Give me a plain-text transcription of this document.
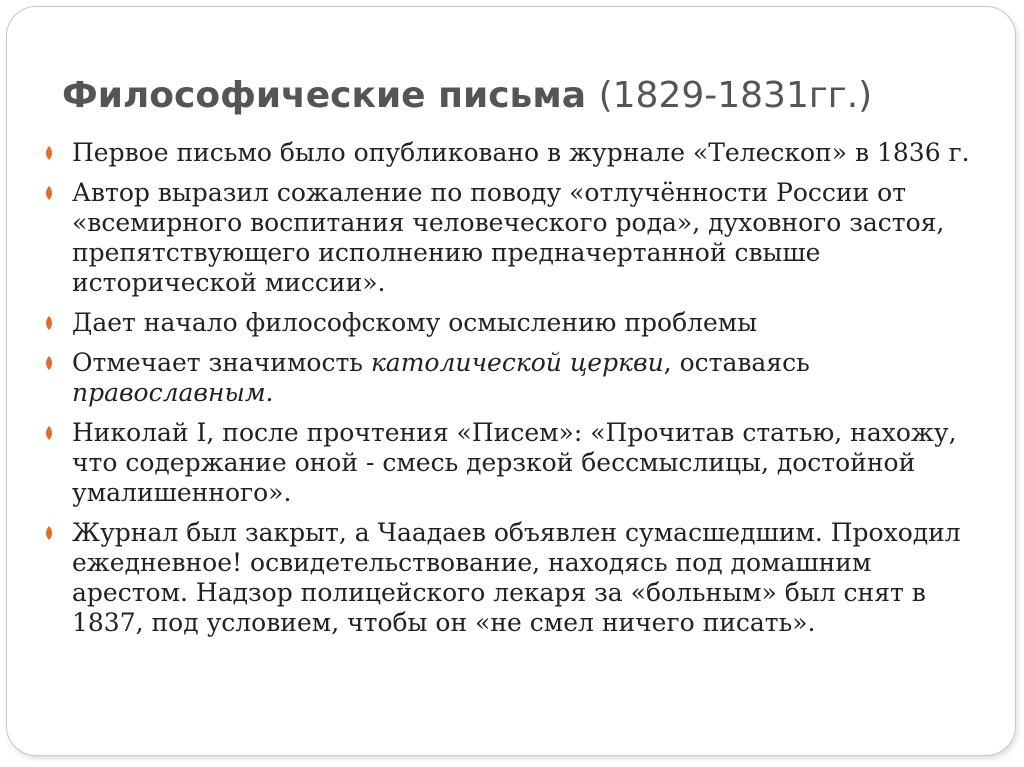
Философические письма (1829-1831гг.)
Первое письмо было опубликовано в журнале «Телескоп» в 1836 г.
Автор выразил сожаление по поводу «отлучённости России от «всемирного воспитания человеческого рода», духовного застоя, препятствующего исполнению предначертанной свыше исторической миссии».
Дает начало философскому осмыслению проблемы
Отмечает значимость католической церкви, оставаясь православным.
Николай I, после прочтения «Писем»: «Прочитав статью, нахожу, что содержание оной - смесь дерзкой бессмыслицы, достойной умалишенного».
Журнал был закрыт, а Чаадаев объявлен сумасшедшим. Проходил ежедневное! освидетельствование, находясь под домашним арестом. Надзор полицейского лекаря за «больным» был снят в 1837, под условием, чтобы он «не смел ничего писать».
